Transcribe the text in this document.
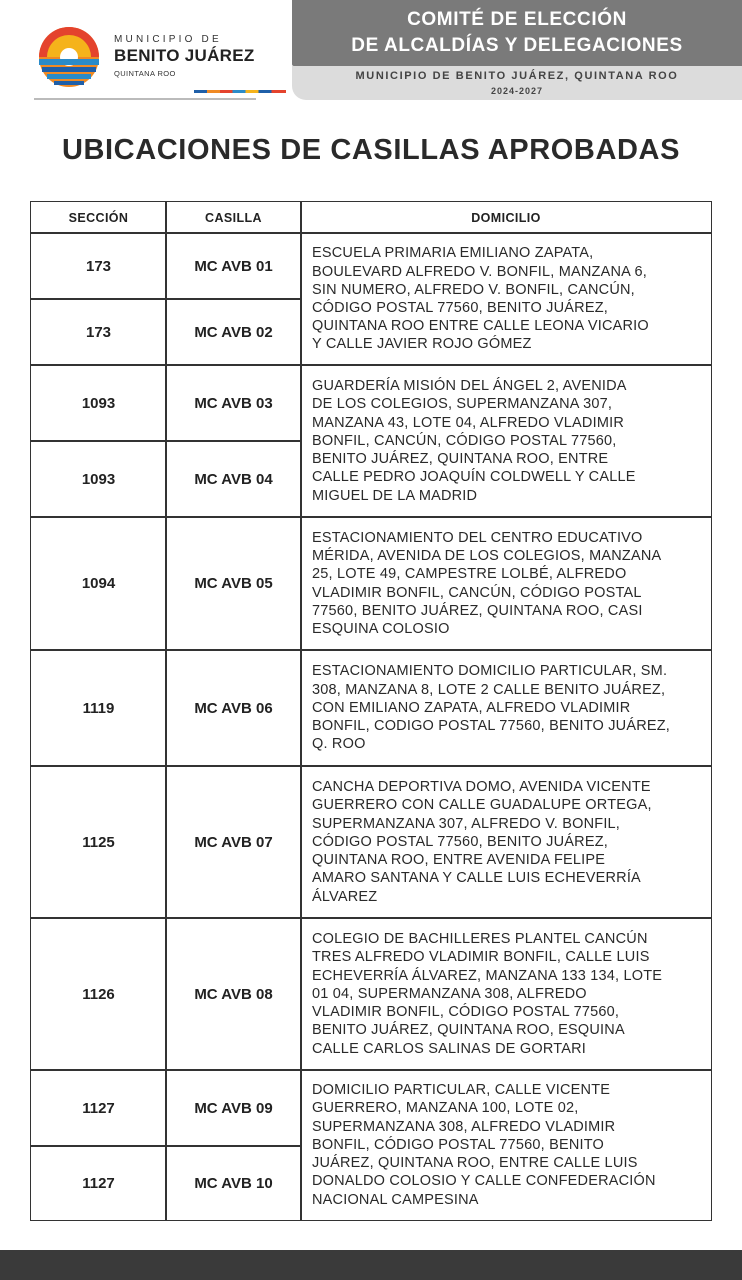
MUNICIPIO DE
BENITO JUÁREZ
QUINTANA ROO
COMITÉ DE ELECCIÓN
DE ALCALDÍAS Y DELEGACIONES
MUNICIPIO DE BENITO JUÁREZ, QUINTANA ROO
2024-2027
UBICACIONES DE CASILLAS APROBADAS
SECCIÓN	CASILLA	DOMICILIO
173	MC AVB 01
173	MC AVB 02
ESCUELA PRIMARIA EMILIANO ZAPATA,
BOULEVARD ALFREDO V. BONFIL, MANZANA 6,
SIN NUMERO, ALFREDO V. BONFIL, CANCÚN,
CÓDIGO POSTAL 77560, BENITO JUÁREZ,
QUINTANA ROO ENTRE CALLE LEONA VICARIO
Y CALLE JAVIER ROJO GÓMEZ
1093	MC AVB 03
1093	MC AVB 04
GUARDERÍA MISIÓN DEL ÁNGEL 2, AVENIDA
DE LOS COLEGIOS, SUPERMANZANA 307,
MANZANA 43, LOTE 04, ALFREDO VLADIMIR
BONFIL, CANCÚN, CÓDIGO POSTAL 77560,
BENITO JUÁREZ, QUINTANA ROO, ENTRE
CALLE PEDRO JOAQUÍN COLDWELL Y CALLE
MIGUEL DE LA MADRID
1094	MC AVB 05
ESTACIONAMIENTO DEL CENTRO EDUCATIVO
MÉRIDA, AVENIDA DE LOS COLEGIOS, MANZANA
25, LOTE 49, CAMPESTRE LOLBÉ, ALFREDO
VLADIMIR BONFIL, CANCÚN, CÓDIGO POSTAL
77560, BENITO JUÁREZ, QUINTANA ROO, CASI
ESQUINA COLOSIO
1119	MC AVB 06
ESTACIONAMIENTO DOMICILIO PARTICULAR, SM.
308, MANZANA 8, LOTE 2 CALLE BENITO JUÁREZ,
CON EMILIANO ZAPATA, ALFREDO VLADIMIR
BONFIL, CODIGO POSTAL 77560, BENITO JUÁREZ,
Q. ROO
1125	MC AVB 07
CANCHA DEPORTIVA DOMO, AVENIDA VICENTE
GUERRERO CON CALLE GUADALUPE ORTEGA,
SUPERMANZANA 307, ALFREDO V. BONFIL,
CÓDIGO POSTAL 77560, BENITO JUÁREZ,
QUINTANA ROO, ENTRE AVENIDA FELIPE
AMARO SANTANA Y CALLE LUIS ECHEVERRÍA
ÁLVAREZ
1126	MC AVB 08
COLEGIO DE BACHILLERES PLANTEL CANCÚN
TRES ALFREDO VLADIMIR BONFIL, CALLE LUIS
ECHEVERRÍA ÁLVAREZ, MANZANA 133 134, LOTE
01 04, SUPERMANZANA 308, ALFREDO
VLADIMIR BONFIL, CÓDIGO POSTAL 77560,
BENITO JUÁREZ, QUINTANA ROO, ESQUINA
CALLE CARLOS SALINAS DE GORTARI
1127	MC AVB 09
1127	MC AVB 10
DOMICILIO PARTICULAR, CALLE VICENTE
GUERRERO, MANZANA 100, LOTE 02,
SUPERMANZANA 308, ALFREDO VLADIMIR
BONFIL, CÓDIGO POSTAL 77560, BENITO
JUÁREZ, QUINTANA ROO, ENTRE CALLE LUIS
DONALDO COLOSIO Y CALLE CONFEDERACIÓN
NACIONAL CAMPESINA
